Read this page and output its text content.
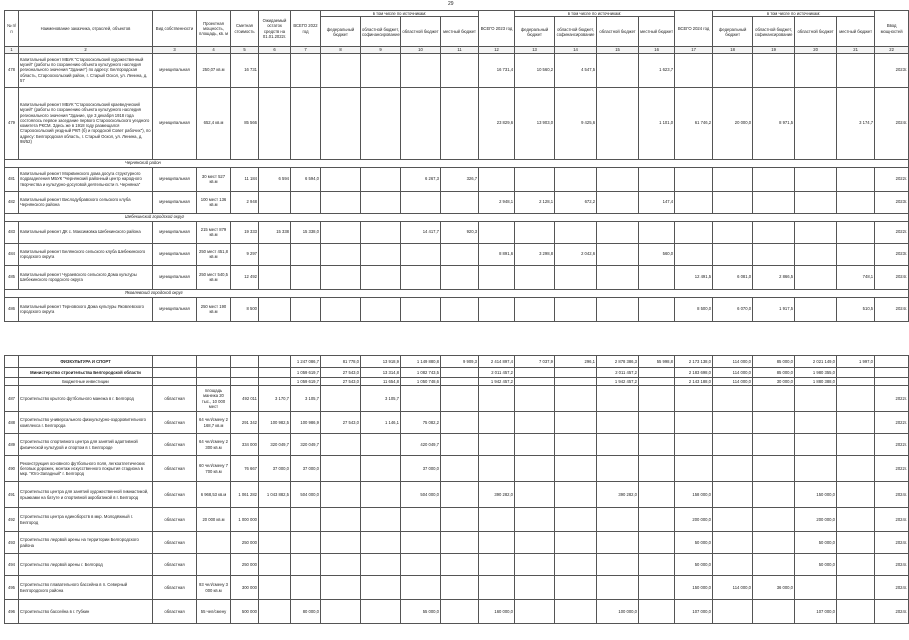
29
№ п/п	Наименование заказчика, отраслей, объектов	Вид собственности	Проектная мощность, площадь, кв. м	Сметная стоимость	Ожидаемый остаток средств на 01.01.2022г.	ВСЕГО 2022 год	в том числе по источникам:				ВСЕГО 2023 год	в том числе по источникам:				ВСЕГО 2024 год	в том числе по источникам:				Ввод мощностей
							федеральный бюджет	областной бюджет, софинансирование	областной бюджет	местный бюджет		федеральный бюджет	областной бюджет, софинансирование	областной бюджет	местный бюджет		федеральный бюджет	областной бюджет, софинансирование	областной бюджет	местный бюджет	
1	2	3	4	5	6	7	8	9	10	11	12	13	14	15	16	17	18	19	20	21	22
478	Капитальный ремонт МБУК "Старооскольский художественный музей" (работы по сохранению объекта культурного наследия регионального значения "Здание") по адресу: Белгородская область, Старооскольский район, г. Старый Оскол, ул. Ленина, д. 57	муниципальная	250,07 кв.м	16 731							16 731,4	10 560,2	4 547,5		1 623,7						2023г.
479	Капитальный ремонт МБУК "Старооскольский краеведческий музей" (работы по сохранению объекта культурного наследия регионального значения "Здание, где 3 декабря 1918 года состоялось первое заседание первого Старооскольского уездного комитета РКСМ. Здесь же в 1918 году размещался Старооскольский уездный РКП (б) и городской Совет рабочих"), по адресу: Белгородская область, г. Старый Оскол, ул. Ленина, д. 98/52)	муниципальная	652,4 кв.м	85 566							23 829,6	13 903,0	9 425,6		1 101,0	61 746,2	20 000,0	8 971,5		3 174,7	2024г.
Чернянский район																					
481	Капитальный ремонт Морквинского дома досуга структурного подразделения МБУК "Чернянский районный центр народного творчества и культурно-досуговой деятельности п. Чернянка"	муниципальная	30 мест 527 кв.м	11 184	6 594	6 594,0			6 267,3	326,7											2022г.
482	Капитальный ремонт Вислодубравского сельского клуба Чернянского района	муниципальная	100 мест 136 кв.м	2 948							2 948,1	2 128,1	672,2		147,4						2023г.
Шебекинский городской округ																					
483	Капитальный ремонт ДК с. Максимовка Шебекинского района	муниципальная	215 мест 879 кв.м	19 333	15 338	15 338,0			14 417,7	920,3											2022г.
484	Капитальный ремонт Белянского сельского клуба Шебекинского городского округа	муниципальная	250 мест 451,8 кв.м	9 297							8 891,6	3 298,8	2 042,6		560,0						2023г.
485	Капитальный ремонт Чураевского сельского Дома культуры Шебекинского городского округа	муниципальная	250 мест 540,5 кв.м	12 492												12 491,5	6 081,0	2 866,5		748,1	2024г.
Яковлевский городской округ																					
486	Капитальный ремонт Терновского Дома культуры Яковлевского городского округа	муниципальная	250 мест 190 кв.м	8 500												8 500,0	6 070,0	1 917,5		510,5	2024г.
	ФИЗКУЛЬТУРА И СПОРТ					1 247 086,7	81 778,0	13 918,9	1 149 880,8	9 909,3	2 414 897,4	7 037,9	296,1	2 878 386,3	55 998,8	2 173 138,0	114 000,0	85 000,0	2 021 149,0	1 997,0	
	Министерство строительства Белгородской области					1 059 619,7	27 543,0	13 314,8	1 082 743,5		2 011 457,2			2 011 457,2		2 183 698,0	114 000,0	85 000,0	1 980 355,0		
	Бюджетные инвестиции					1 059 619,7	27 543,0	11 654,8	1 050 748,6		1 942 457,2			1 942 457,2		2 143 188,0	114 000,0	30 000,0	1 880 388,0		
487	Строительство крытого футбольного манежа в г. Белгород	областная	площадь манежа 20 тыс., 10 000 мест	492 011	3 170,7	3 105,7		3 105,7													2022г.
488	Строительство универсального физкультурно-оздоровительного комплекса г. Белгорода	областная	64 чел/смену 2 168,7 кв.м	291 342	100 982,5	100 986,9	27 543,0	1 146,1	75 082,2												2022г.
489	Строительство спортивного центра для занятий адаптивной физической культурой и спортом в г. Белгороде	областная	64 чел/смену 2 300 кв.м	334 000	320 049,7	320 049,7			420 049,7												2022г.
490	Реконструкция основного футбольного поля, легкоатлетических беговых дорожек, монтаж искусственного покрытия стадиона в мкр. "Юго-Западный" г. Белгород	областная	60 чел/смену 7 700 кв.м	76 667	37 000,0	37 000,0			37 000,0												2022г.
491	Строительство центра для занятий художественной гимнастикой, прыжками на батуте и спортивной акробатикой в г. Белгород	областная	6 968,53 кв.м	1 061 282	1 043 882,5	504 000,0			504 000,0		390 282,0			390 282,0		158 000,0			150 000,0		2024г.
492	Строительство центра единоборств в мкр. Молодёжный г. Белгород	областная	20 000 кв.м	1 000 000												200 000,0			200 000,0		2024г.
493	Строительство ледовой арены на территории Белгородского района	областная		250 000												50 000,0			50 000,0		2024г.
494	Строительство ледовой арены г. Белгород	областная		250 000												50 000,0			50 000,0		2024г.
495	Строительство плавательного бассейна в п. Северный Белгородского района	областная	93 чел/смену 3 000 кв.м	300 000												150 000,0	114 000,0	36 000,0			2024г.
496	Строительство бассейна в г. Губкин	областная	55 чел/смену	500 000		80 000,0			55 000,0		160 000,0			100 000,0		107 000,0			107 000,0		2024г.
